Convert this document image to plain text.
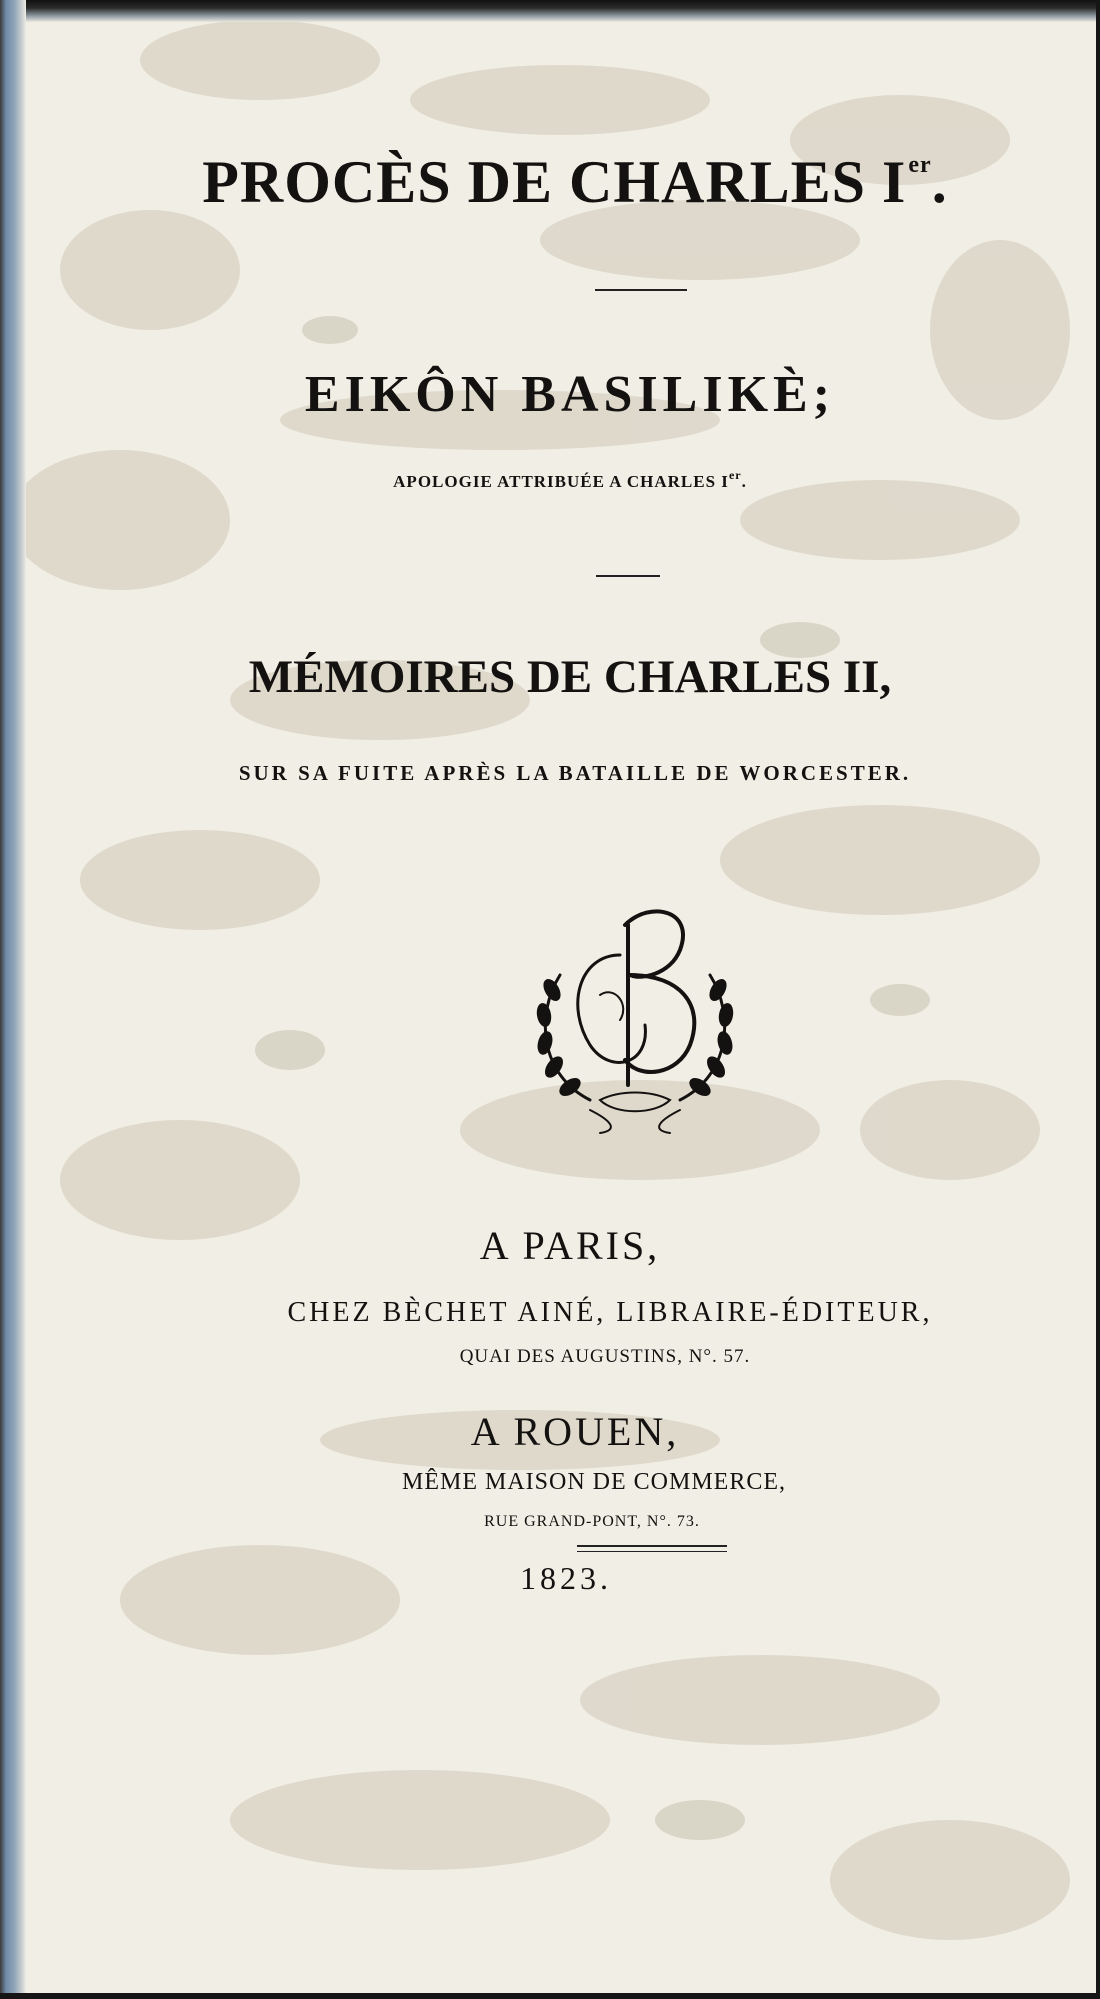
PROCÈS DE CHARLES Ier.
EIKÔN BASILIKÈ;
APOLOGIE ATTRIBUÉE A CHARLES Ier.
MÉMOIRES DE CHARLES II,
SUR SA FUITE APRÈS LA BATAILLE DE WORCESTER.
A PARIS,
CHEZ BÈCHET AINÉ, LIBRAIRE-ÉDITEUR,
QUAI DES AUGUSTINS, N°. 57.
A ROUEN,
MÊME MAISON DE COMMERCE,
RUE GRAND-PONT, N°. 73.
1823.
